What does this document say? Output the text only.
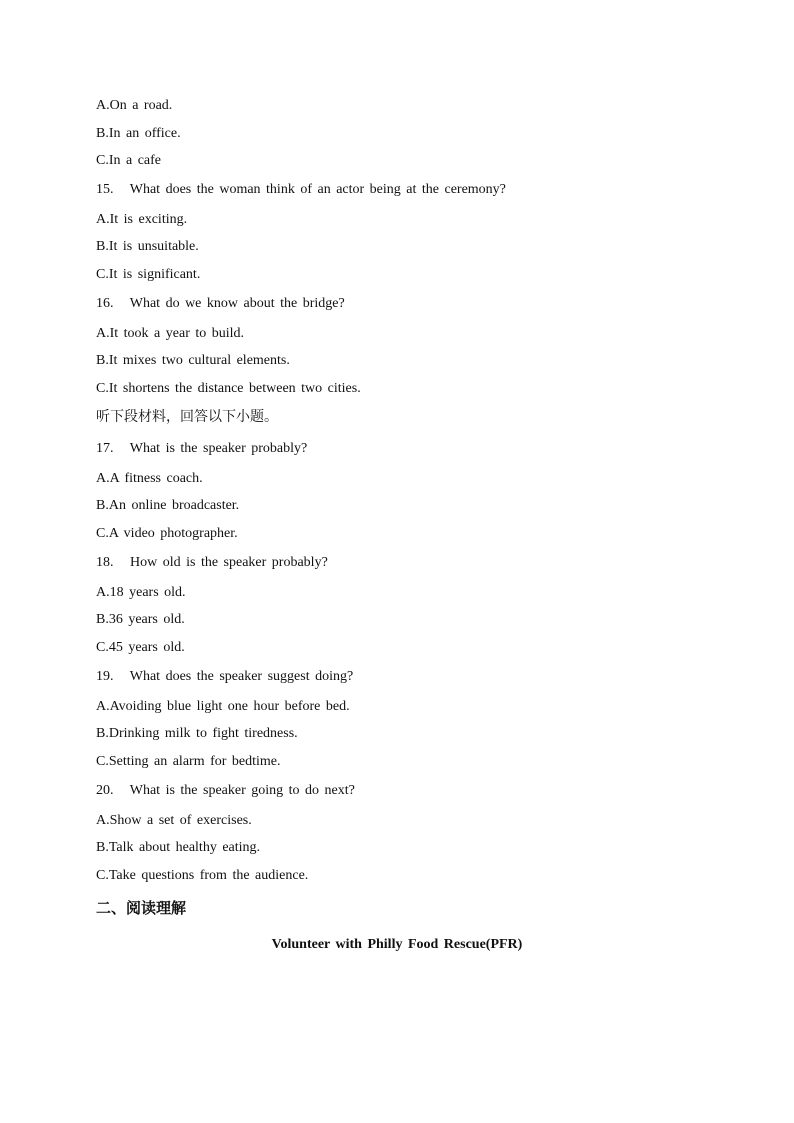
A.On a road.
B.In an office.
C.In a cafe
15.   What does the woman think of an actor being at the ceremony?
A.It is exciting.
B.It is unsuitable.
C.It is significant.
16.   What do we know about the bridge?
A.It took a year to build.
B.It mixes two cultural elements.
C.It shortens the distance between two cities.
听下段材料，回答以下小题。
17.   What is the speaker probably?
A.A fitness coach.
B.An online broadcaster.
C.A video photographer.
18.   How old is the speaker probably?
A.18 years old.
B.36 years old.
C.45 years old.
19.   What does the speaker suggest doing?
A.Avoiding blue light one hour before bed.
B.Drinking milk to fight tiredness.
C.Setting an alarm for bedtime.
20.   What is the speaker going to do next?
A.Show a set of exercises.
B.Talk about healthy eating.
C.Take questions from the audience.
二、阅读理解
Volunteer with Philly Food Rescue(PFR)
